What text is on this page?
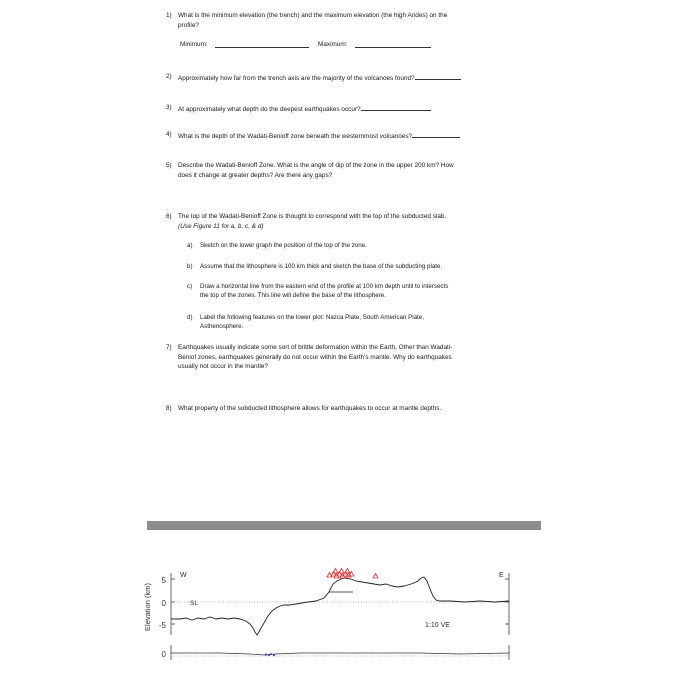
1) What is the minimum elevation (the trench) and the maximum elevation (the high Andes) on the
profile?
Minimum:	Maximum:
2) Approximately how far from the trench axis are the majority of the volcanoes found?
3) At approximately what depth do the deepest earthquakes occur?
4) What is the depth of the Wadati-Benioff zone beneath the westernmost volcanoes?
5) Describe the Wadati-Benioff Zone. What is the angle of dip of the zone in the upper 200 km? How
does it change at greater depths? Are there any gaps?
6) The top of the Wadati-Benioff Zone is thought to correspond with the top of the subducted slab.
(Use Figure 11 for a, b, c, & d)
a) Sketch on the lower graph the position of the top of the zone.
b) Assume that the lithosphere is 100 km thick and sketch the base of the subducting plate.
c) Draw a horizontal line from the eastern end of the profile at 100 km depth until to intersects
the top of the zones. This line will define the base of the lithosphere.
d) Label the following features on the lower plot: Nazca Plate, South American Plate,
Asthenosphere.
7) Earthquakes usually indicate some sort of brittle deformation within the Earth. Other than Wadati-
Beniof zones, earthquakes generally do not occur within the Earth's mantle. Why do earthquakes
usually not occur in the mantle?
8) What property of the subducted lithosphere allows for earthquakes to occur at mantle depths.
Elevation (km)
5
0
-5
0
SL
W	E
1:10 VE
